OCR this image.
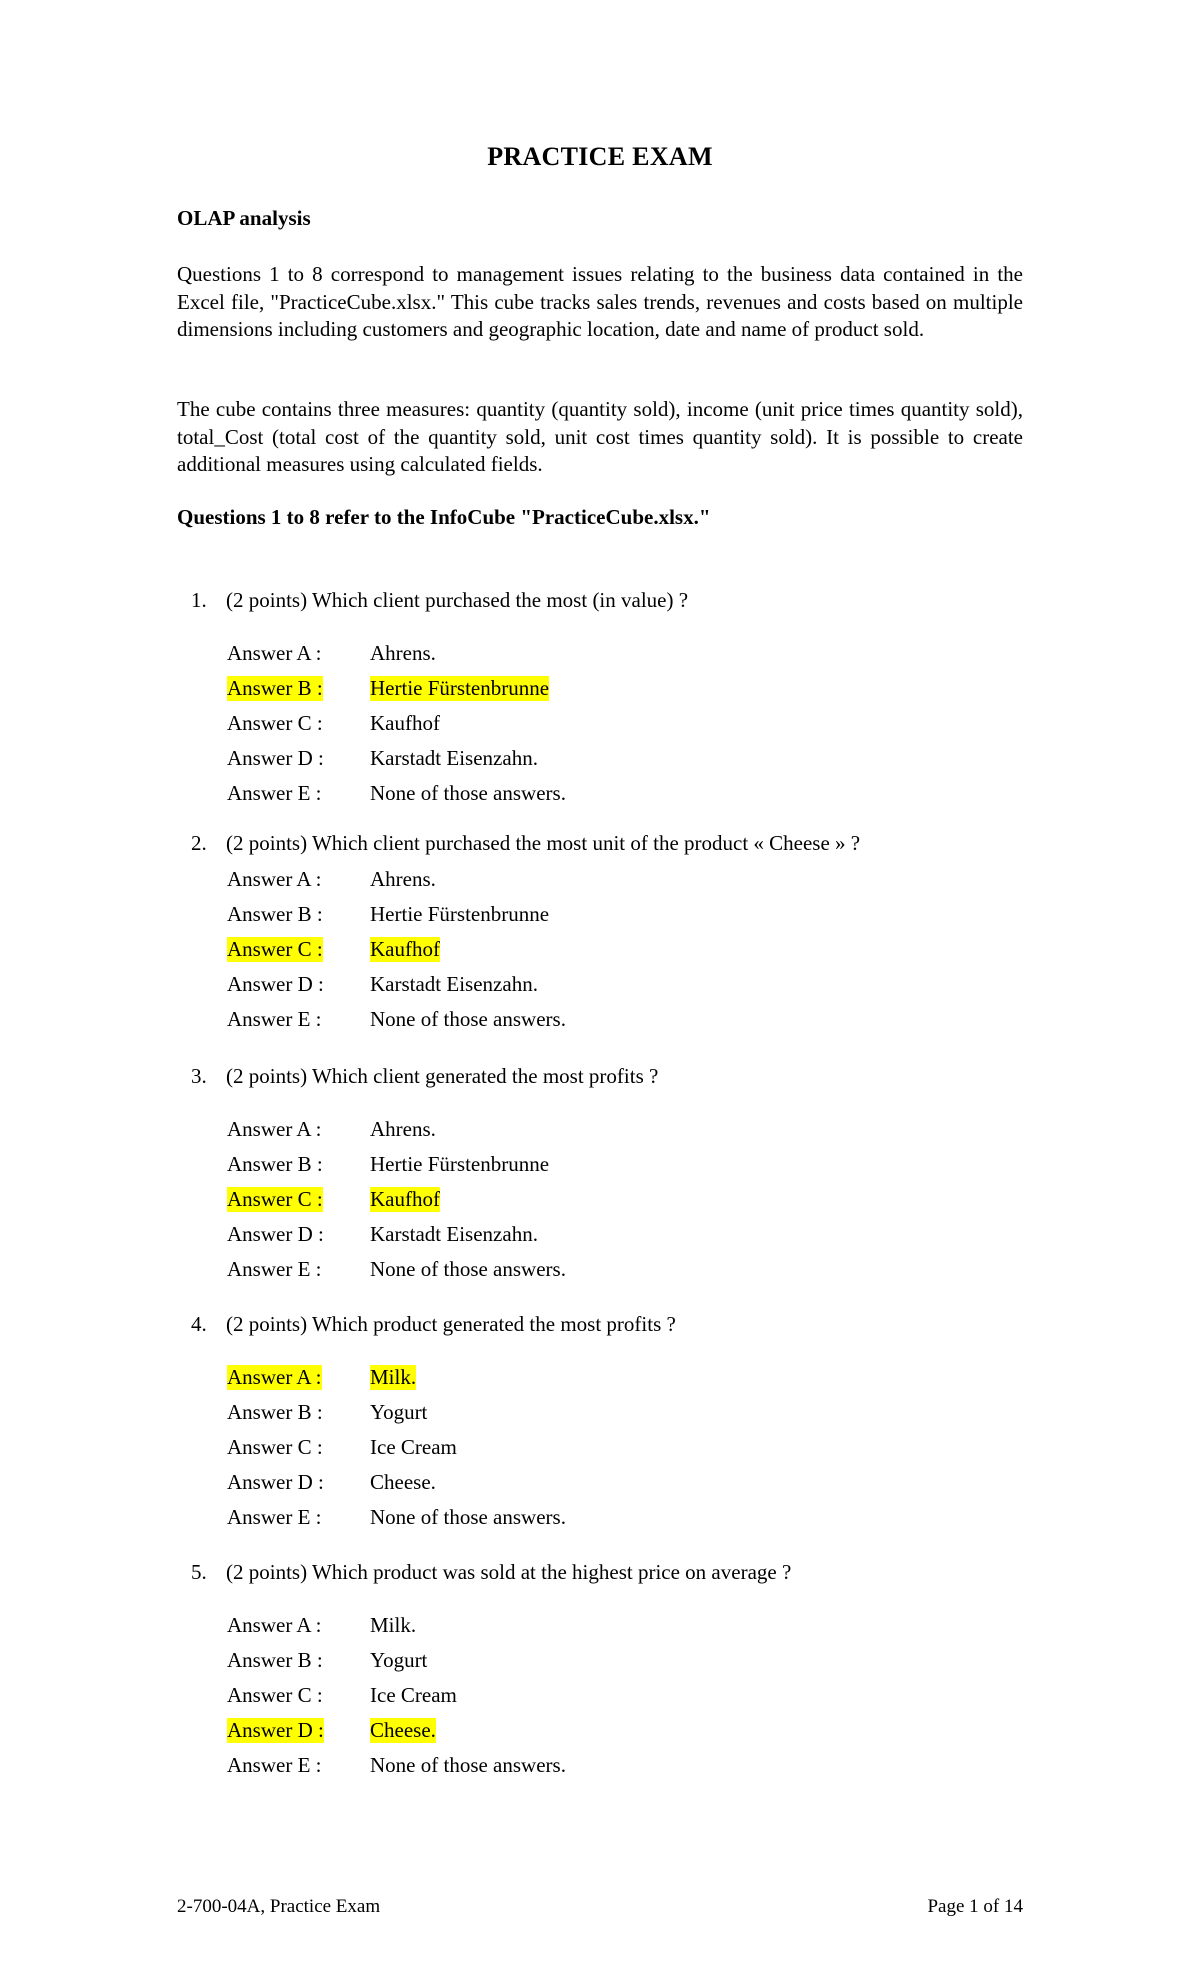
PRACTICE EXAM
OLAP analysis
Questions 1 to 8 correspond to management issues relating to the business data contained in the Excel file, "PracticeCube.xlsx." This cube tracks sales trends, revenues and costs based on multiple dimensions including customers and geographic location, date and name of product sold.
The cube contains three measures: quantity (quantity sold), income (unit price times quantity sold), total_Cost (total cost of the quantity sold, unit cost times quantity sold). It is possible to create additional measures using calculated fields.
Questions 1 to 8 refer to the InfoCube "PracticeCube.xlsx."
1. (2 points) Which client purchased the most (in value) ?
Answer A : Ahrens.
Answer B : Hertie Fürstenbrunne
Answer C : Kaufhof
Answer D : Karstadt Eisenzahn.
Answer E : None of those answers.
2. (2 points) Which client purchased the most unit of the product « Cheese » ?
Answer A : Ahrens.
Answer B : Hertie Fürstenbrunne
Answer C : Kaufhof
Answer D : Karstadt Eisenzahn.
Answer E : None of those answers.
3. (2 points) Which client generated the most profits ?
Answer A : Ahrens.
Answer B : Hertie Fürstenbrunne
Answer C : Kaufhof
Answer D : Karstadt Eisenzahn.
Answer E : None of those answers.
4. (2 points) Which product generated the most profits ?
Answer A : Milk.
Answer B : Yogurt
Answer C : Ice Cream
Answer D : Cheese.
Answer E : None of those answers.
5. (2 points) Which product was sold at the highest price on average ?
Answer A : Milk.
Answer B : Yogurt
Answer C : Ice Cream
Answer D : Cheese.
Answer E : None of those answers.
2-700-04A, Practice Exam	Page 1 of 14
